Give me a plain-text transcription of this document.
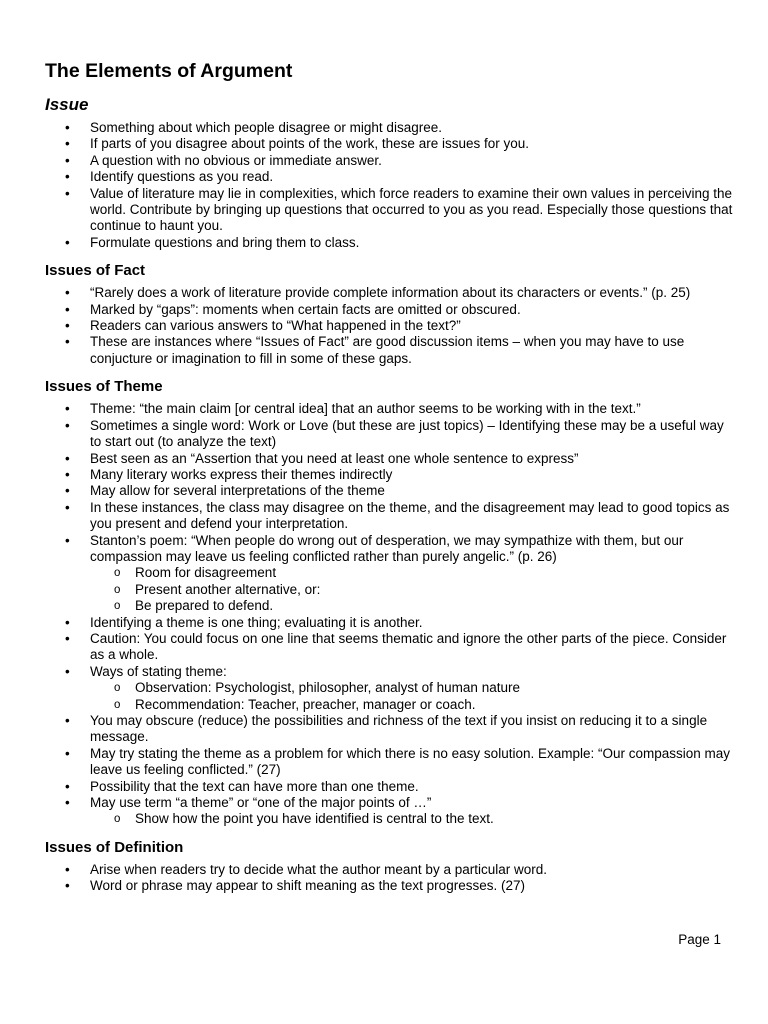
The Elements of Argument
Issue
• Something about which people disagree or might disagree.
• If parts of you disagree about points of the work, these are issues for you.
• A question with no obvious or immediate answer.
• Identify questions as you read.
• Value of literature may lie in complexities, which force readers to examine their own values in perceiving the world. Contribute by bringing up questions that occurred to you as you read. Especially those questions that continue to haunt you.
• Formulate questions and bring them to class.
Issues of Fact
• “Rarely does a work of literature provide complete information about its characters or events.” (p. 25)
• Marked by “gaps”: moments when certain facts are omitted or obscured.
• Readers can various answers to “What happened in the text?”
• These are instances where “Issues of Fact” are good discussion items – when you may have to use conjucture or imagination to fill in some of these gaps.
Issues of Theme
• Theme: “the main claim [or central idea] that an author seems to be working with in the text.”
• Sometimes a single word: Work or Love (but these are just topics) – Identifying these may be a useful way to start out (to analyze the text)
• Best seen as an “Assertion that you need at least one whole sentence to express”
• Many literary works express their themes indirectly
• May allow for several interpretations of the theme
• In these instances, the class may disagree on the theme, and the disagreement may lead to good topics as you present and defend your interpretation.
• Stanton’s poem: “When people do wrong out of desperation, we may sympathize with them, but our compassion may leave us feeling conflicted rather than purely angelic.” (p. 26)
o Room for disagreement
o Present another alternative, or:
o Be prepared to defend.
• Identifying a theme is one thing; evaluating it is another.
• Caution: You could focus on one line that seems thematic and ignore the other parts of the piece. Consider as a whole.
• Ways of stating theme:
o Observation: Psychologist, philosopher, analyst of human nature
o Recommendation: Teacher, preacher, manager or coach.
• You may obscure (reduce) the possibilities and richness of the text if you insist on reducing it to a single message.
• May try stating the theme as a problem for which there is no easy solution. Example: “Our compassion may leave us feeling conflicted.” (27)
• Possibility that the text can have more than one theme.
• May use term “a theme” or “one of the major points of …”
o Show how the point you have identified is central to the text.
Issues of Definition
• Arise when readers try to decide what the author meant by a particular word.
• Word or phrase may appear to shift meaning as the text progresses. (27)
Page 1
